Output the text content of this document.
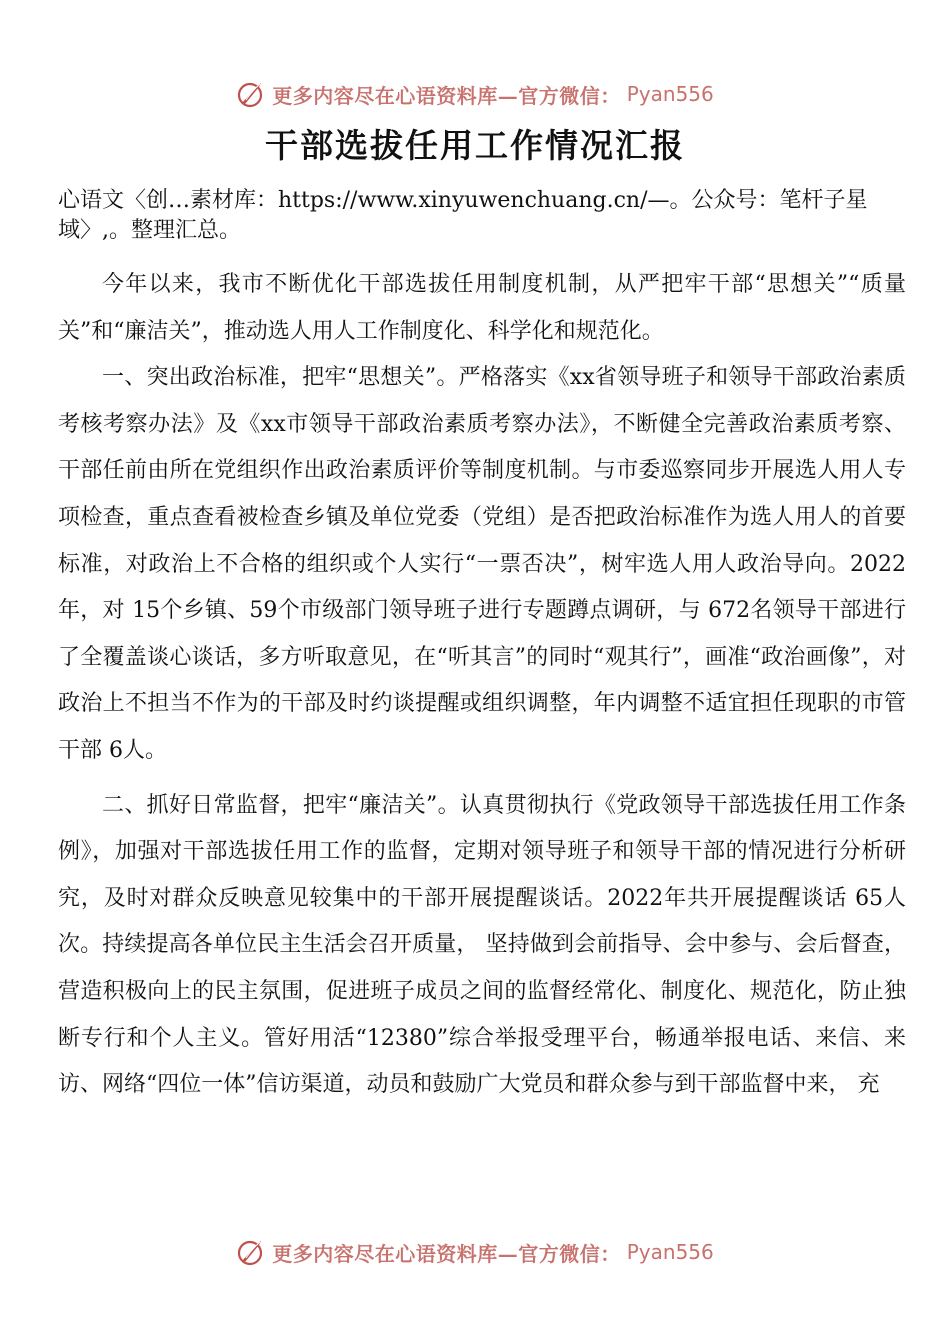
更多内容尽在心语资料库—官方微信： Pyan556
干部选拔任用工作情况汇报

心语文〈创…素材库：https://www.xinyuwenchuang.cn/—。公众号：笔杆子星域〉,。整理汇总。

今年以来，我市不断优化干部选拔任用制度机制，从严把牢干部“思想关”“质量关”和“廉洁关”，推动选人用人工作制度化、科学化和规范化。

一、突出政治标准，把牢“思想关”。严格落实《xx省领导班子和领导干部政治素质考核考察办法》及《xx市领导干部政治素质考察办法》，不断健全完善政治素质考察、干部任前由所在党组织作出政治素质评价等制度机制。与市委巡察同步开展选人用人专项检查，重点查看被检查乡镇及单位党委（党组）是否把政治标准作为选人用人的首要标准，对政治上不合格的组织或个人实行“一票否决”，树牢选人用人政治导向。2022年，对 15个乡镇、59个市级部门领导班子进行专题蹲点调研，与 672名领导干部进行了全覆盖谈心谈话，多方听取意见，在“听其言”的同时“观其行”，画准“政治画像”，对政治上不担当不作为的干部及时约谈提醒或组织调整，年内调整不适宜担任现职的市管干部 6人。

二、抓好日常监督，把牢“廉洁关”。认真贯彻执行《党政领导干部选拔任用工作条例》，加强对干部选拔任用工作的监督，定期对领导班子和领导干部的情况进行分析研究，及时对群众反映意见较集中的干部开展提醒谈话。2022年共开展提醒谈话 65人次。持续提高各单位民主生活会召开质量， 坚持做到会前指导、会中参与、会后督查，营造积极向上的民主氛围，促进班子成员之间的监督经常化、制度化、规范化，防止独断专行和个人主义。管好用活“12380”综合举报受理平台，畅通举报电话、来信、来访、网络“四位一体”信访渠道，动员和鼓励广大党员和群众参与到干部监督中来， 充

更多内容尽在心语资料库—官方微信： Pyan556
